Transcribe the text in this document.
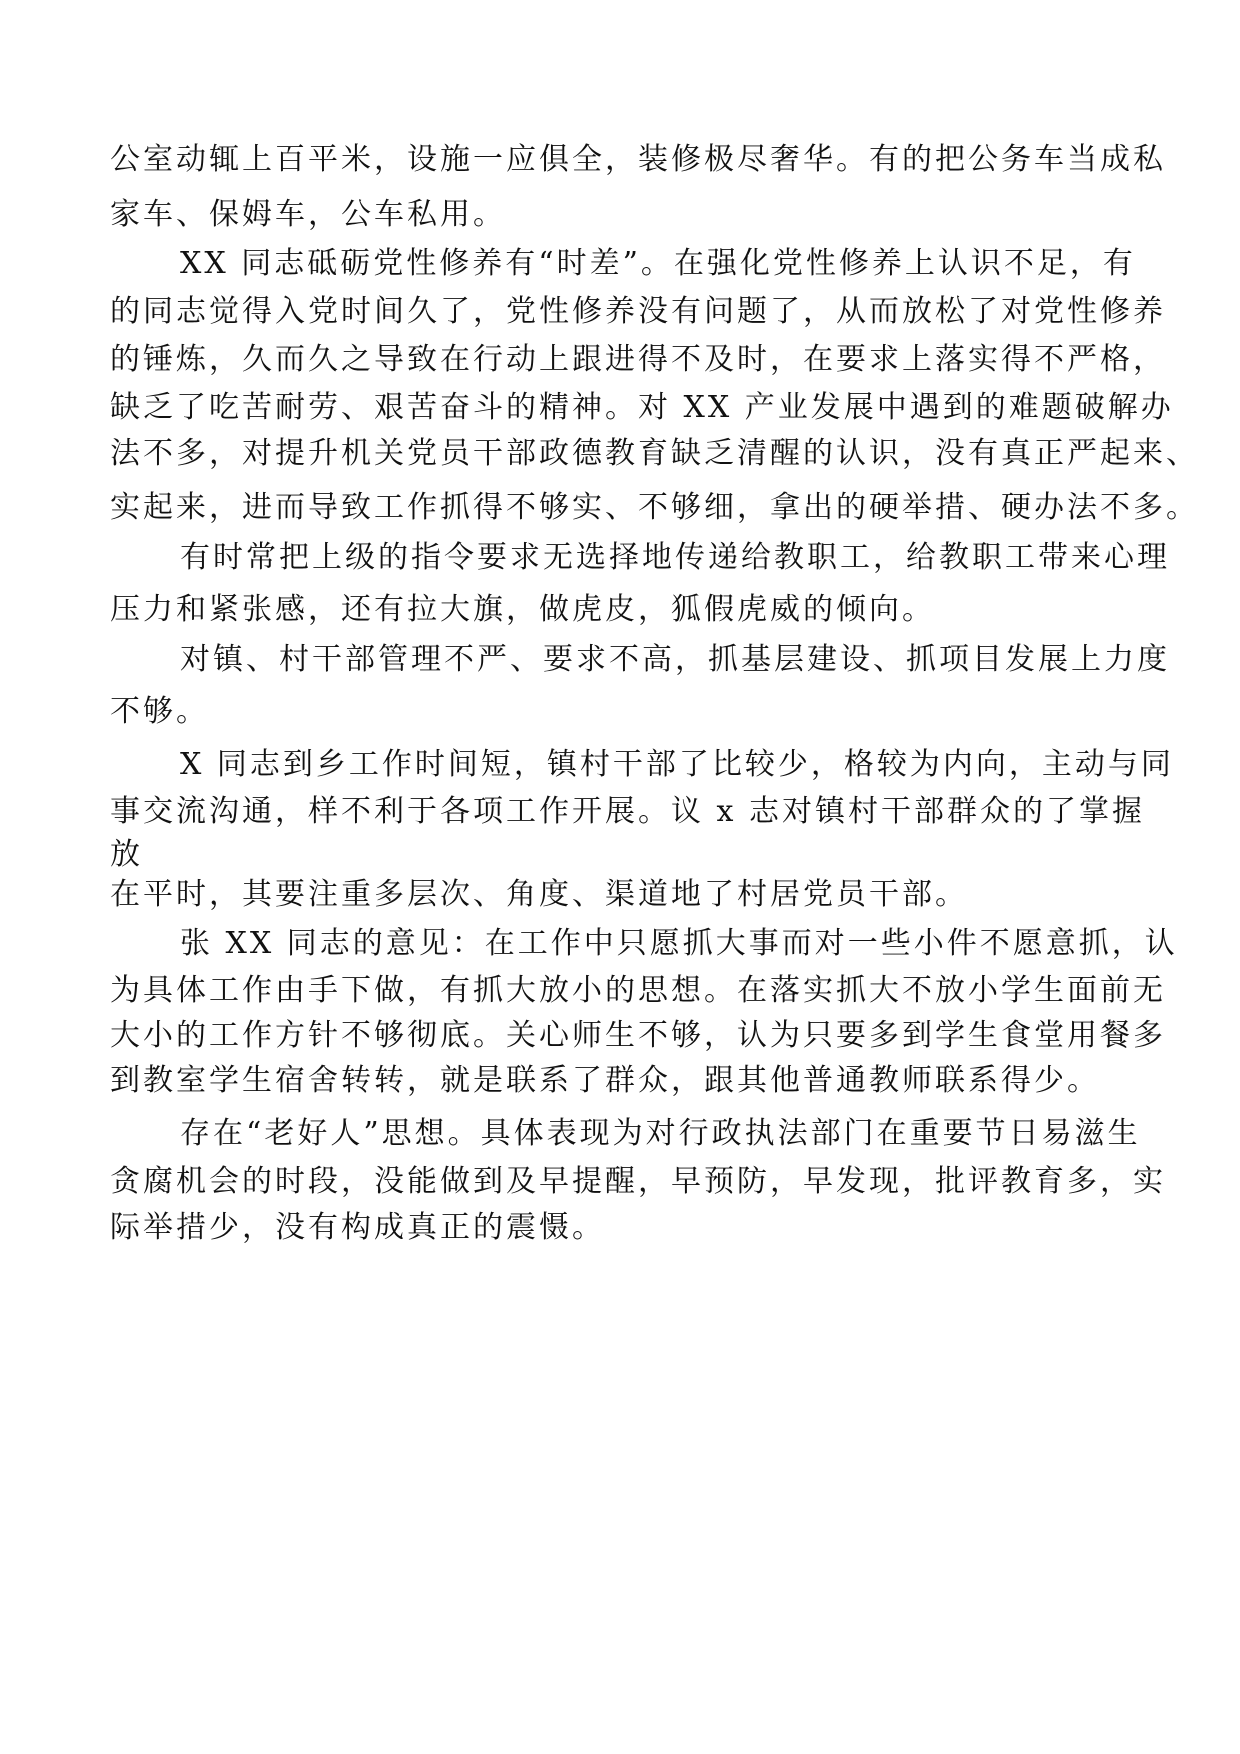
公室动辄上百平米，设施一应俱全，装修极尽奢华。有的把公务车当成私
家车、保姆车，公车私用。
XX 同志砥砺党性修养有“时差”。在强化党性修养上认识不足，有
的同志觉得入党时间久了，党性修养没有问题了，从而放松了对党性修养
的锤炼，久而久之导致在行动上跟进得不及时，在要求上落实得不严格，
缺乏了吃苦耐劳、艰苦奋斗的精神。对 XX 产业发展中遇到的难题破解办
法不多，对提升机关党员干部政德教育缺乏清醒的认识，没有真正严起来、
实起来，进而导致工作抓得不够实、不够细，拿出的硬举措、硬办法不多。
有时常把上级的指令要求无选择地传递给教职工，给教职工带来心理
压力和紧张感，还有拉大旗，做虎皮，狐假虎威的倾向。
对镇、村干部管理不严、要求不高，抓基层建设、抓项目发展上力度
不够。
X 同志到乡工作时间短，镇村干部了比较少，格较为内向，主动与同
事交流沟通，样不利于各项工作开展。议 x 志对镇村干部群众的了掌握
放
在平时，其要注重多层次、角度、渠道地了村居党员干部。
张 XX 同志的意见：在工作中只愿抓大事而对一些小件不愿意抓，认
为具体工作由手下做，有抓大放小的思想。在落实抓大不放小学生面前无
大小的工作方针不够彻底。关心师生不够，认为只要多到学生食堂用餐多
到教室学生宿舍转转，就是联系了群众，跟其他普通教师联系得少。
存在“老好人”思想。具体表现为对行政执法部门在重要节日易滋生
贪腐机会的时段，没能做到及早提醒，早预防，早发现，批评教育多，实
际举措少，没有构成真正的震慑。
